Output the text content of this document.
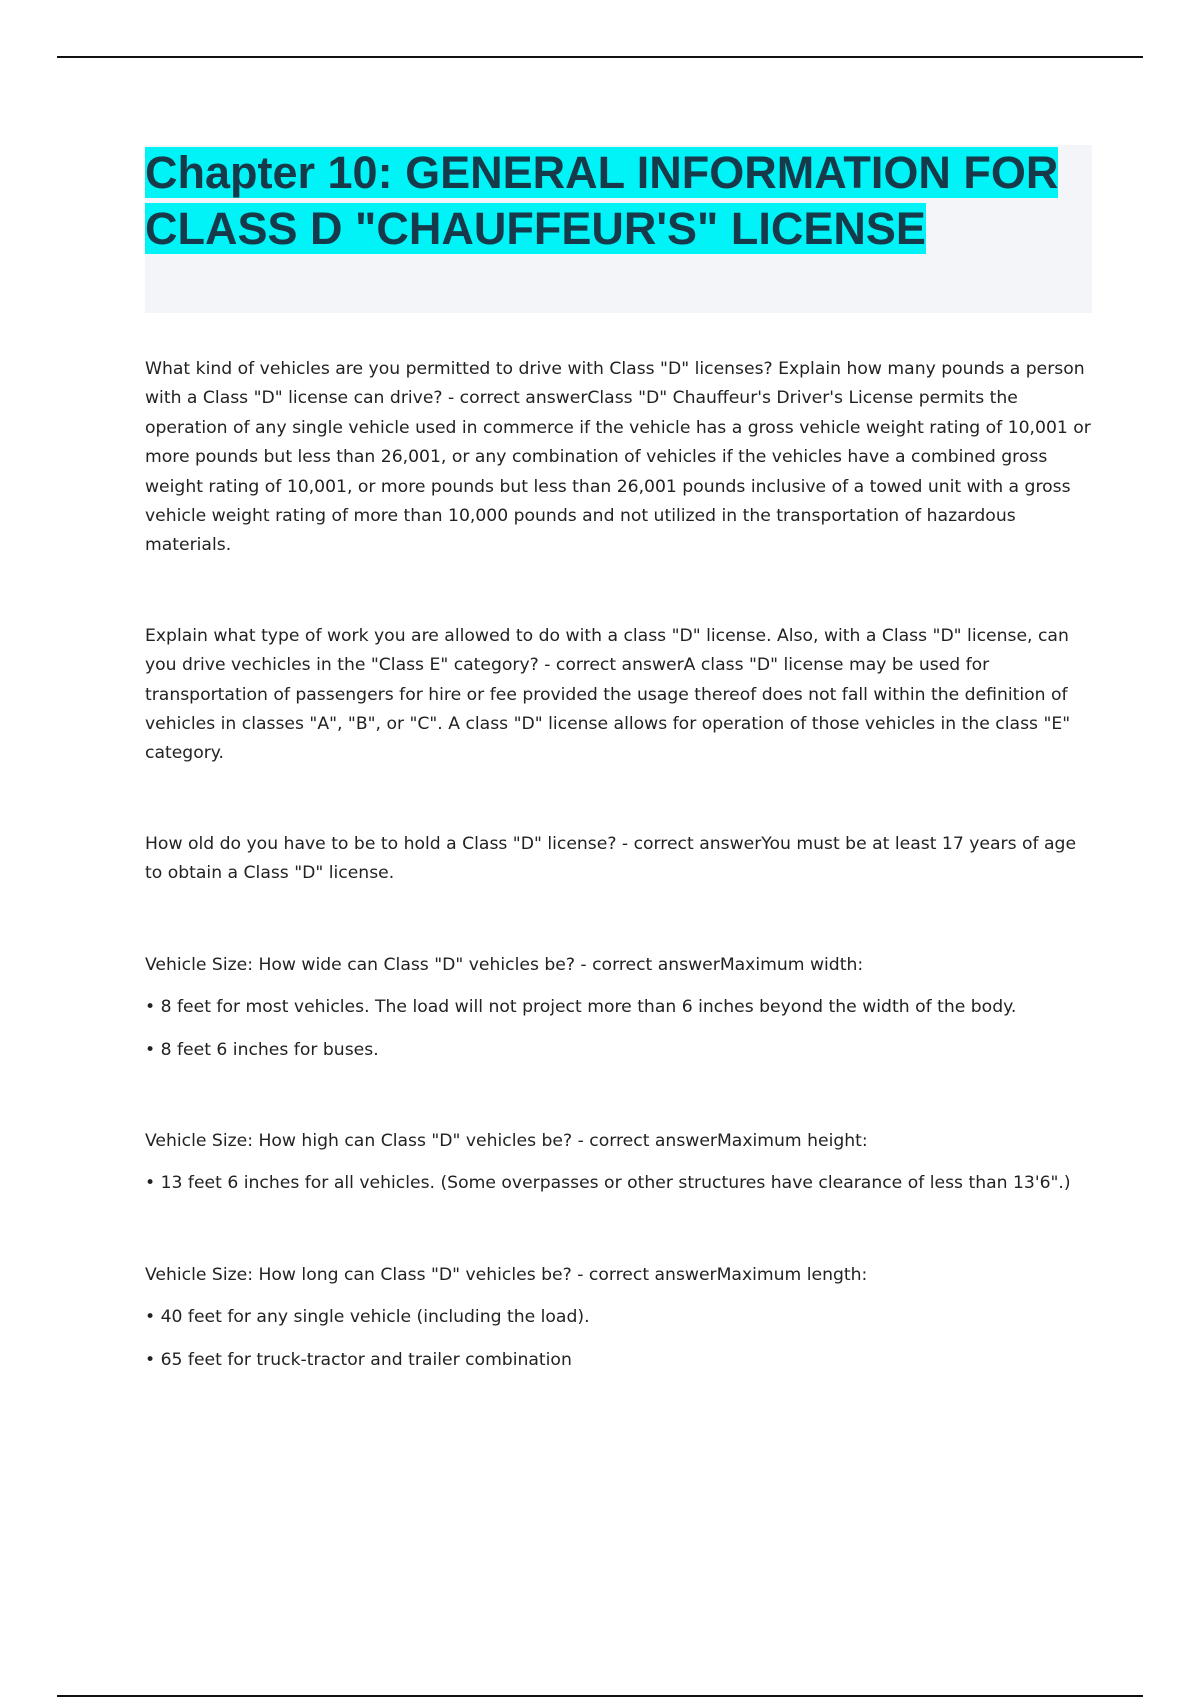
Chapter 10: GENERAL INFORMATION FOR CLASS D "CHAUFFEUR'S" LICENSE

What kind of vehicles are you permitted to drive with Class "D" licenses? Explain how many pounds a person with a Class "D" license can drive? - correct answerClass "D" Chauffeur's Driver's License permits the operation of any single vehicle used in commerce if the vehicle has a gross vehicle weight rating of 10,001 or more pounds but less than 26,001, or any combination of vehicles if the vehicles have a combined gross weight rating of 10,001, or more pounds but less than 26,001 pounds inclusive of a towed unit with a gross vehicle weight rating of more than 10,000 pounds and not utilized in the transportation of hazardous materials.

Explain what type of work you are allowed to do with a class "D" license. Also, with a Class "D" license, can you drive vechicles in the "Class E" category? - correct answerA class "D" license may be used for transportation of passengers for hire or fee provided the usage thereof does not fall within the definition of vehicles in classes "A", "B", or "C". A class "D" license allows for operation of those vehicles in the class "E" category.

How old do you have to be to hold a Class "D" license? - correct answerYou must be at least 17 years of age to obtain a Class "D" license.

Vehicle Size: How wide can Class "D" vehicles be? - correct answerMaximum width:

• 8 feet for most vehicles. The load will not project more than 6 inches beyond the width of the body.

• 8 feet 6 inches for buses.

Vehicle Size: How high can Class "D" vehicles be? - correct answerMaximum height:

• 13 feet 6 inches for all vehicles. (Some overpasses or other structures have clearance of less than 13'6".)

Vehicle Size: How long can Class "D" vehicles be? - correct answerMaximum length:

• 40 feet for any single vehicle (including the load).

• 65 feet for truck-tractor and trailer combination
